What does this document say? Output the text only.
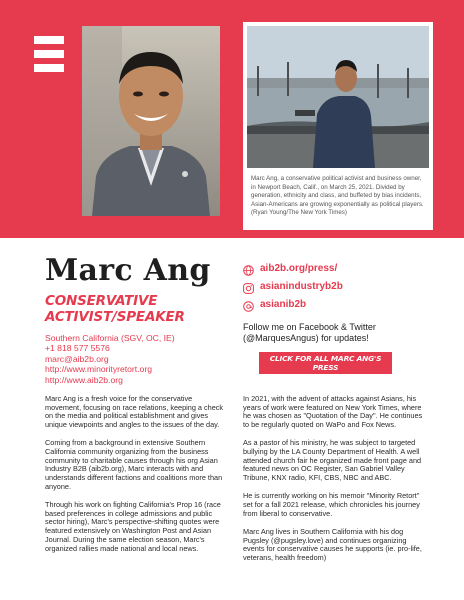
Marc Ang, a conservative political activist and business owner, in Newport Beach, Calif., on March 25, 2021. Divided by generation, ethnicity and class, and buffeted by bias incidents, Asian-Americans are growing exponentially as political players. (Ryan Young/The New York Times)
Marc Ang
CONSERVATIVE
ACTIVIST/SPEAKER
Southern California (SGV, OC, IE)
+1 818 577 5576
marc@aib2b.org
http://www.minorityretort.org
http://www.aib2b.org
aib2b.org/press/
asianindustryb2b
asianib2b
Follow me on Facebook & Twitter (@MarquesAngus) for updates!
CLICK FOR ALL MARC ANG'S PRESS
AIB2B.ORG/PRESS

Marc Ang is a fresh voice for the conservative movement, focusing on race relations, keeping a check on the media and political establishment and gives unique viewpoints and angles to the issues of the day.

Coming from a background in extensive Southern California community organizing from the business community to charitable causes through his org Asian Industry B2B (aib2b.org), Marc interacts with and understands different factions and coalitions more than anyone.

Through his work on fighting California's Prop 16 (race based preferences in college admissions and public sector hiring), Marc's perspective-shifting quotes were featured extensively on Washington Post and Asian Journal. During the same election season, Marc's organized rallies made national and local news.

In 2021, with the advent of attacks against Asians, his years of work were featured on New York Times, where he was chosen as "Quotation of the Day". He continues to be regularly quoted on WaPo and Fox News.

As a pastor of his ministry, he was subject to targeted bullying by the LA County Department of Health. A well attended church fair he organized made front page and featured news on OC Register, San Gabriel Valley Tribune, KNX radio, KFI, CBS, NBC and ABC.

He is currently working on his memoir "Minority Retort" set for a fall 2021 release, which chronicles his journey from liberal to conservative.

Marc Ang lives in Southern California with his dog Pugsley (@pugsley.love) and continues organizing events for conservative causes he supports (ie. pro-life, veterans, health freedom)
